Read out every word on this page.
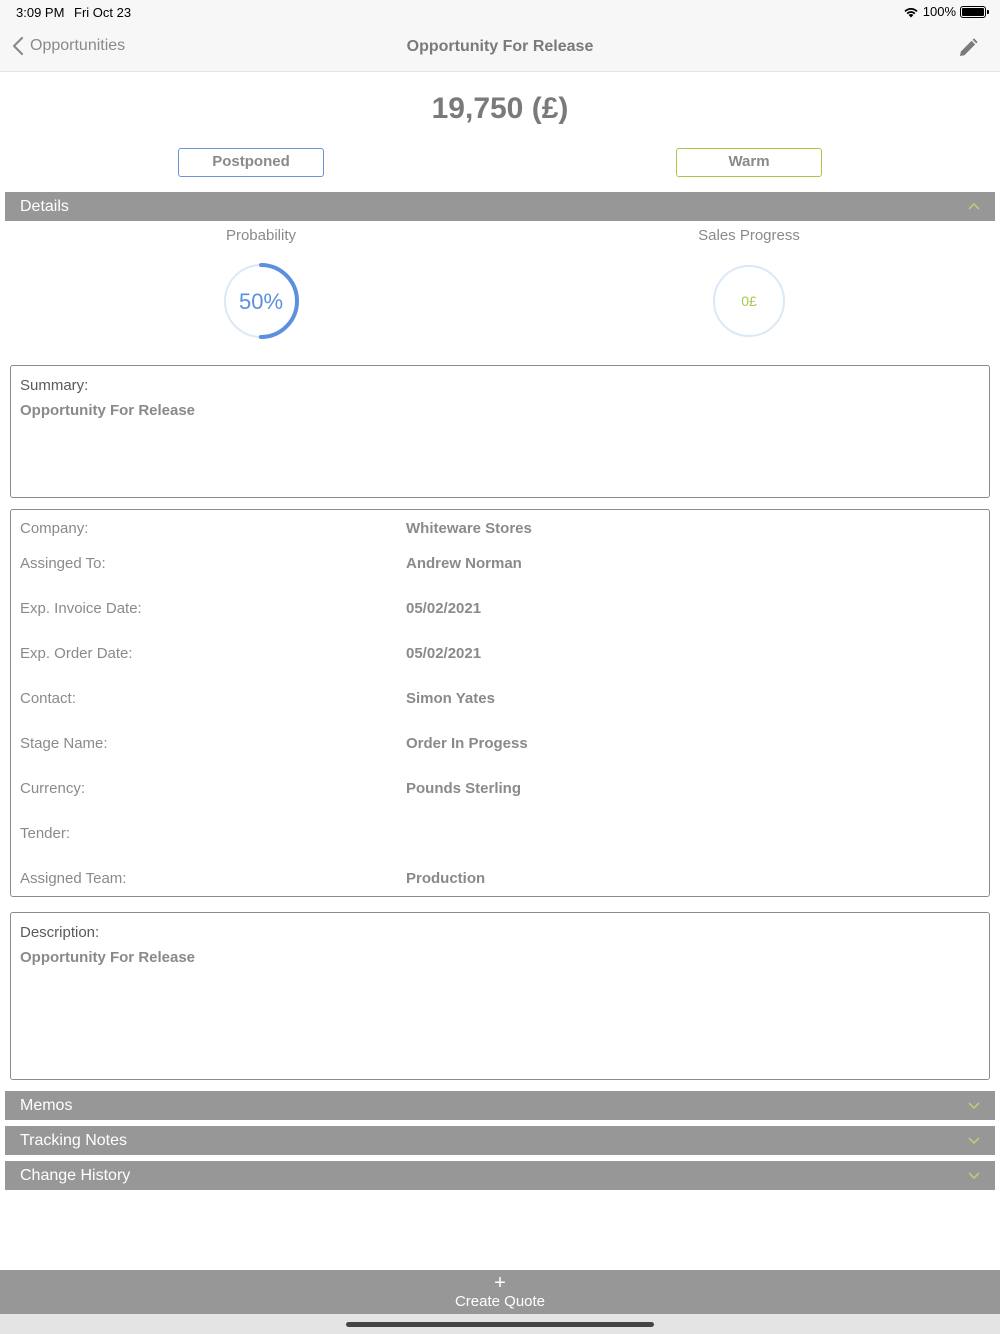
3:09 PM Fri Oct 23	100%
Opportunities	Opportunity For Release
19,750 (£)
Postponed	Warm
Details
Probability	Sales Progress
50%	0£
Summary:
Opportunity For Release
Company:	Whiteware Stores
Assinged To:	Andrew Norman
Exp. Invoice Date:	05/02/2021
Exp. Order Date:	05/02/2021
Contact:	Simon Yates
Stage Name:	Order In Progess
Currency:	Pounds Sterling
Tender:
Assigned Team:	Production
Description:
Opportunity For Release
Memos
Tracking Notes
Change History
+
Create Quote
